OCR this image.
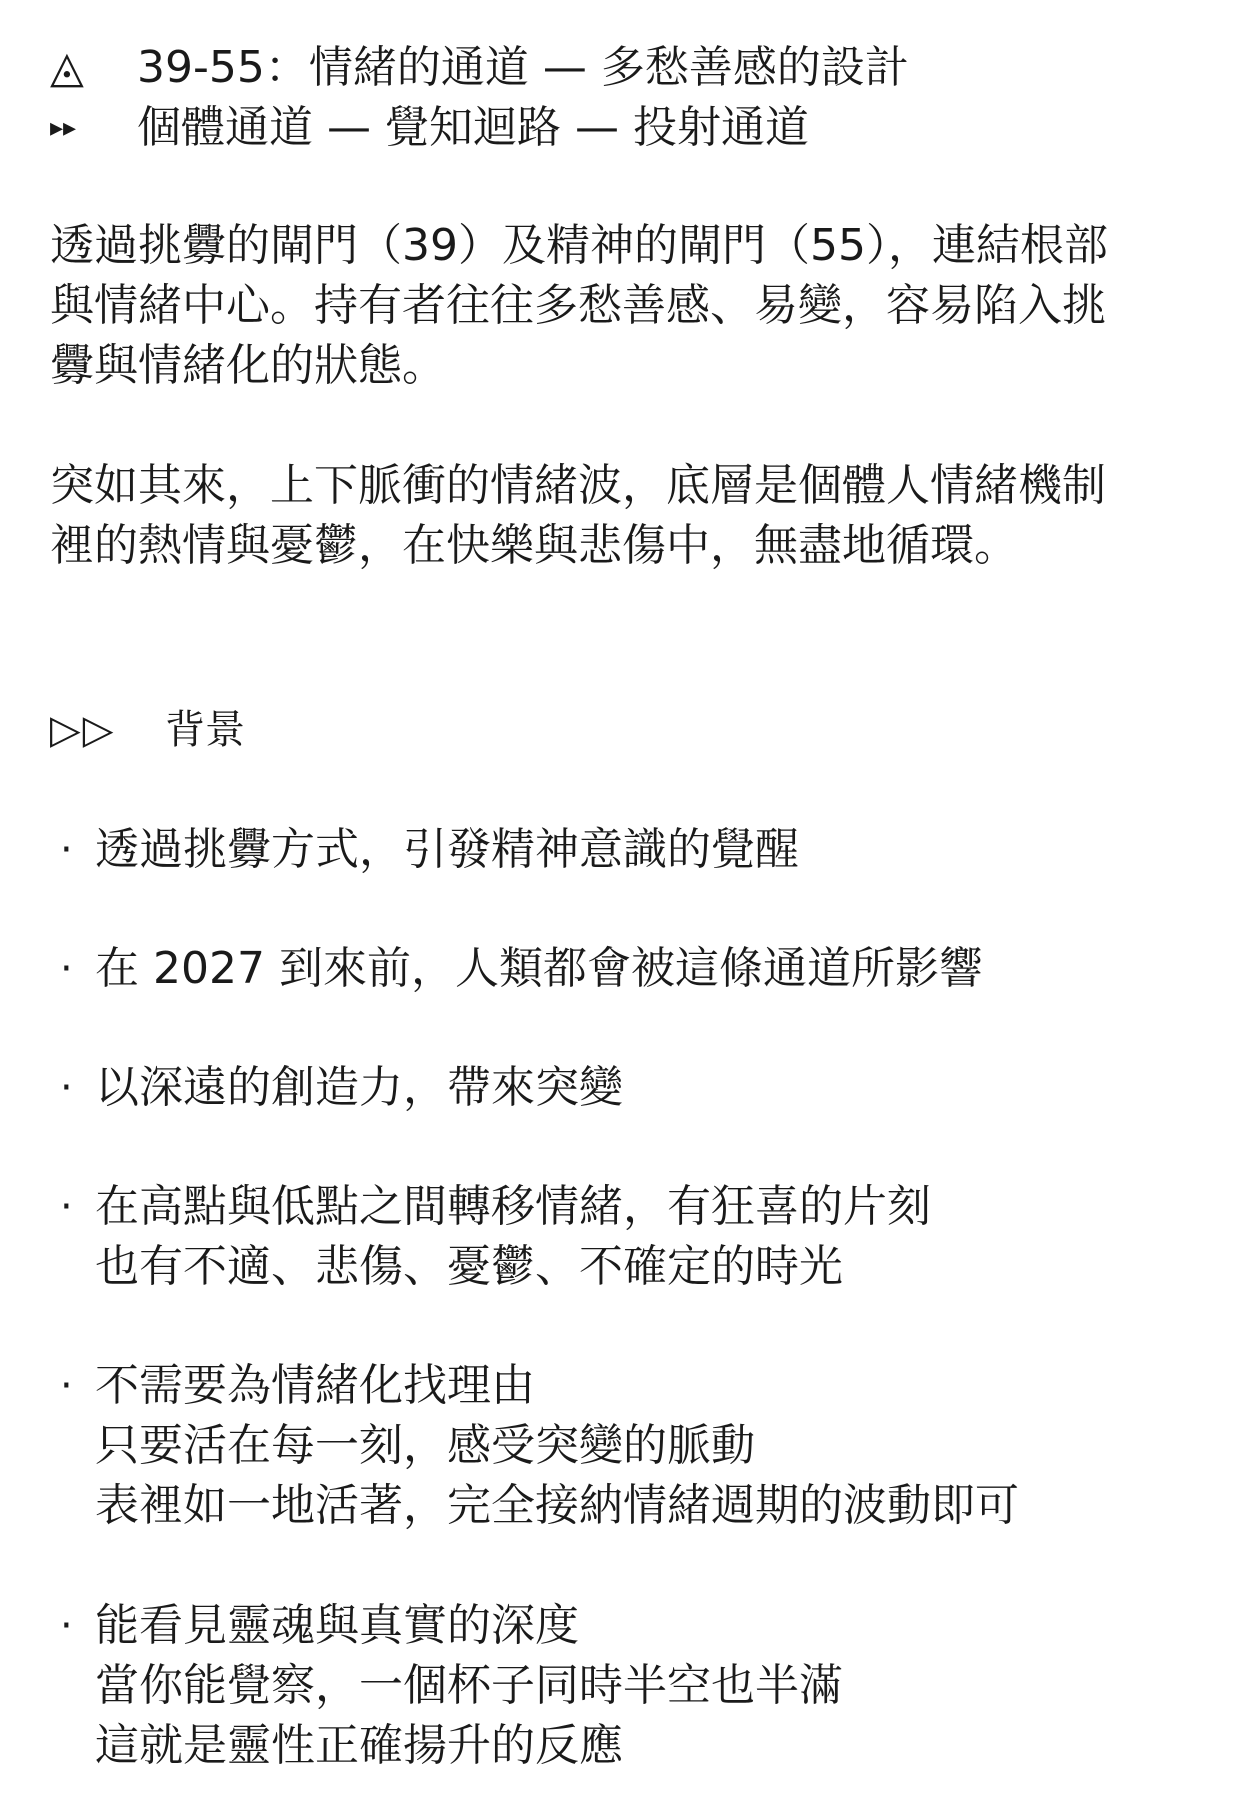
◬ 39-55：情緒的通道 — 多愁善感的設計
▸▸	個體通道 — 覺知迴路 — 投射通道
透過挑釁的閘門（39）及精神的閘門（55），連結根部
與情緒中心。持有者往往多愁善感、易變，容易陷入挑
釁與情緒化的狀態。
突如其來，上下脈衝的情緒波，底層是個體人情緒機制
裡的熱情與憂鬱，在快樂與悲傷中，無盡地循環。
▷▷ 背景
· 透過挑釁方式，引發精神意識的覺醒
· 在 2027 到來前，人類都會被這條通道所影響
· 以深遠的創造力，帶來突變
· 在高點與低點之間轉移情緒，有狂喜的片刻
也有不適、悲傷、憂鬱、不確定的時光
· 不需要為情緒化找理由
只要活在每一刻，感受突變的脈動
表裡如一地活著，完全接納情緒週期的波動即可
· 能看見靈魂與真實的深度
當你能覺察，一個杯子同時半空也半滿
這就是靈性正確揚升的反應
